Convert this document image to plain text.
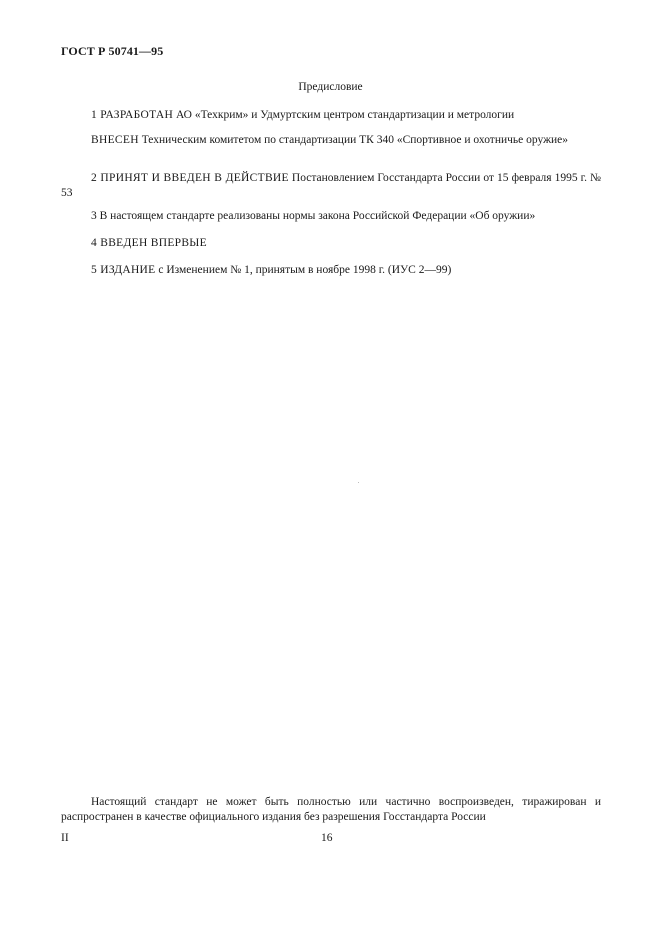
ГОСТ Р 50741—95
Предисловие

1 РАЗРАБОТАН АО «Техкрим» и Удмуртским центром стандартизации и метрологии

ВНЕСЕН Техническим комитетом по стандартизации ТК 340 «Спортивное и охотничье оружие»

2 ПРИНЯТ И ВВЕДЕН В ДЕЙСТВИЕ Постановлением Госстандарта России от 15 февраля 1995 г. № 53

3 В настоящем стандарте реализованы нормы закона Российской Федерации «Об оружии»

4 ВВЕДЕН ВПЕРВЫЕ

5 ИЗДАНИЕ с Изменением № 1, принятым в ноябре 1998 г. (ИУС 2—99)

Настоящий стандарт не может быть полностью или частично воспроизведен, тиражирован и распространен в качестве официального издания без разрешения Госстандарта России

II	16
